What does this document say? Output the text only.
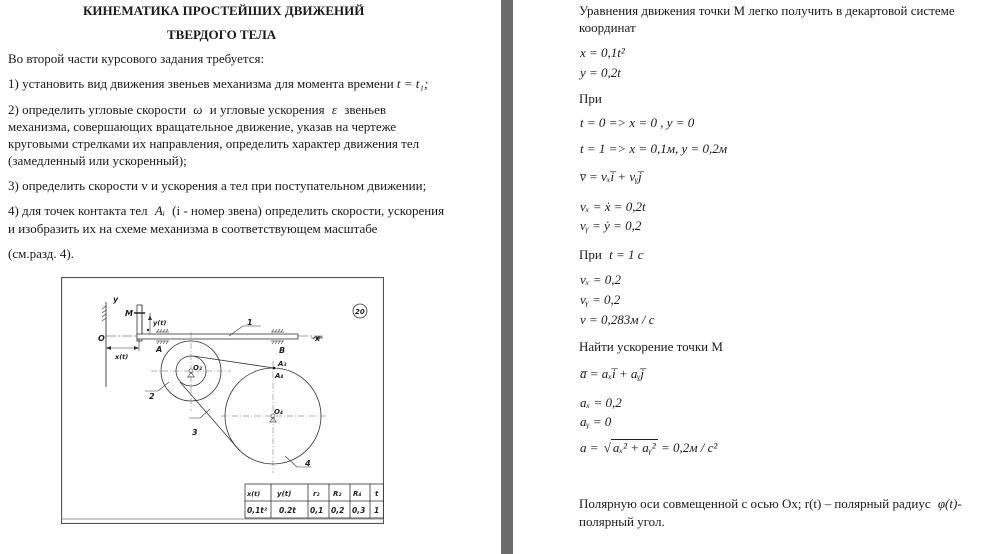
КИНЕМАТИКА ПРОСТЕЙШИХ ДВИЖЕНИЙ
ТВЕРДОГО ТЕЛА
Во второй части курсового задания требуется:
1) установить вид движения звеньев механизма для момента времени t = t₁;
2) определить угловые скорости ω и угловые ускорения ε звеньев
механизма, совершающих вращательное движение, указав на чертеже
круговыми стрелками их направления, определить характер движения тел
(замедленный или ускоренный);
3) определить скорости v и ускорения a тел при поступательном движении;
4) для точек контакта тел Aᵢ (i - номер звена) определить скорости, ускорения
и изобразить их на схеме механизма в соответствующем масштабе
(см.разд. 4).
y
x
O
M
y(t)
x(t)
1
2
3
4
A	B
O₂
O₄
A₃
A₄
20
x(t) y(t)	r₂ R₂ R₄ t
0,1t² 0.2t 0,1 0,2 0,3 1
Уравнения движения точки М легко получить в декартовой системе
координат
x = 0,1t²
y = 0,2t
При
t = 0 => x = 0 , y = 0
t = 1 => x = 0,1м, y = 0,2м
v̅ = vₓi̅ + vᵧj̅
vₓ = ẋ = 0,2t
vᵧ = ẏ = 0,2
При t = 1 c
vₓ = 0,2
vᵧ = 0,2
v = 0,283м / c
Найти ускорение точки М
a̅ = aₓi̅ + aᵧj̅
aₓ = 0,2
aᵧ = 0
a = √ aₓ² + aᵧ² = 0,2м / c²
Полярную оси совмещенной с осью Ох; r(t) – полярный радиус φ(t)-
полярный угол.
